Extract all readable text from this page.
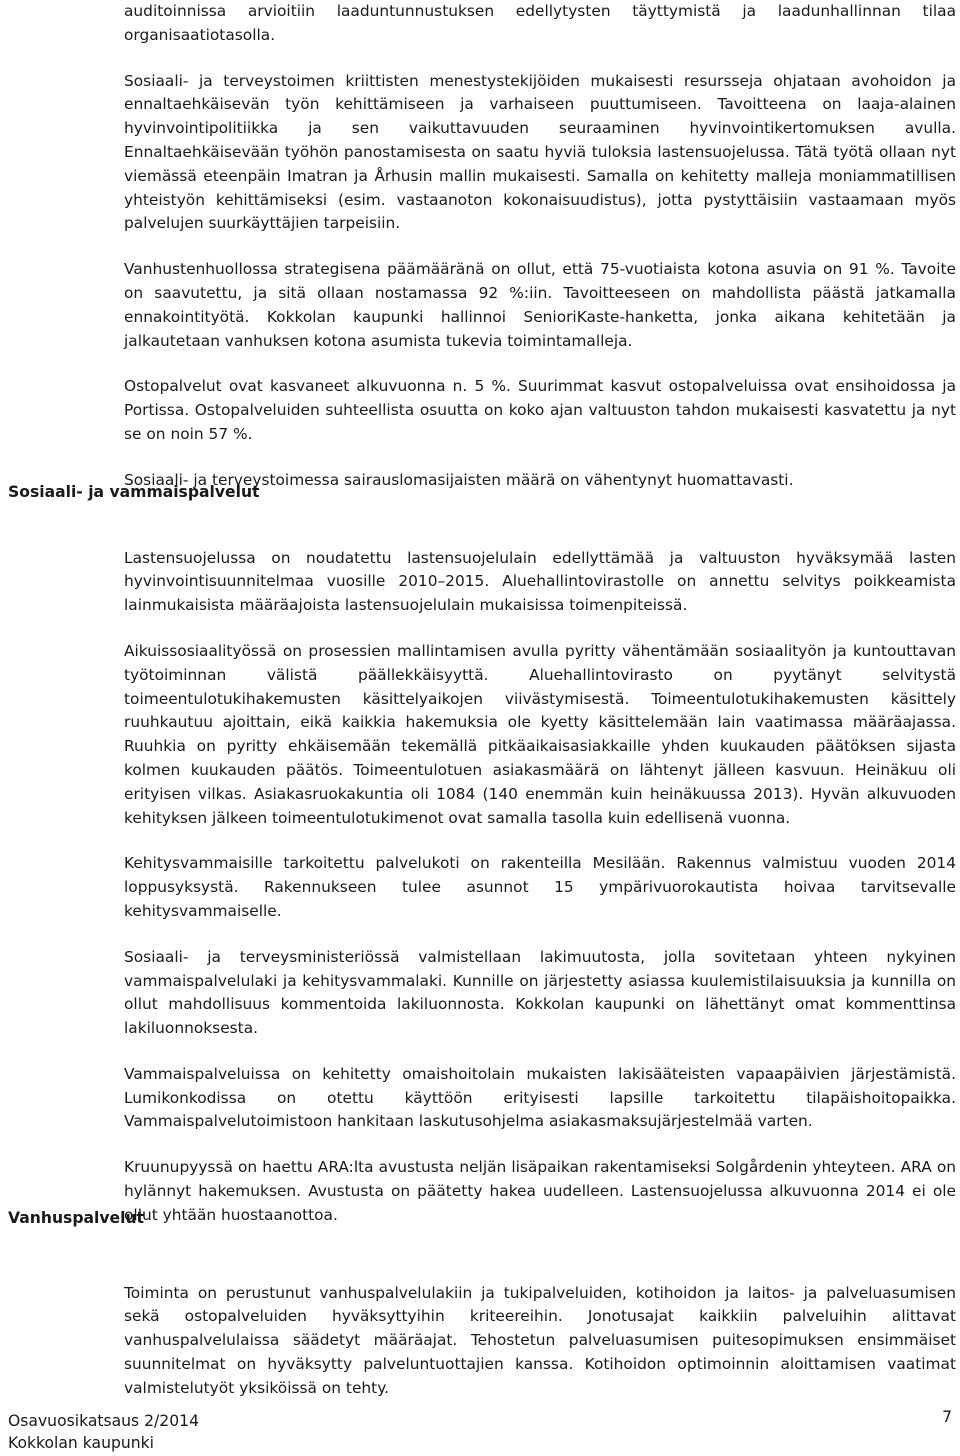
auditoinnissa arvioitiin laaduntunnustuksen edellytysten täyttymistä ja laadunhallinnan tilaa organisaatiotasolla.

Sosiaali- ja terveystoimen kriittisten menestystekijöiden mukaisesti resursseja ohjataan avohoidon ja ennaltaehkäisevän työn kehittämiseen ja varhaiseen puuttumiseen. Tavoitteena on laaja-alainen hyvinvointipolitiikka ja sen vaikuttavuuden seuraaminen hyvinvointikertomuksen avulla. Ennaltaehkäisevään työhön panostamisesta on saatu hyviä tuloksia lastensuojelussa. Tätä työtä ollaan nyt viemässä eteenpäin Imatran ja Århusin mallin mukaisesti. Samalla on kehitetty malleja moniammatillisen yhteistyön kehittämiseksi (esim. vastaanoton kokonaisuudistus), jotta pystyttäisiin vastaamaan myös palvelujen suurkäyttäjien tarpeisiin.

Vanhustenhuollossa strategisena päämääränä on ollut, että 75-vuotiaista kotona asuvia on 91 %. Tavoite on saavutettu, ja sitä ollaan nostamassa 92 %:iin. Tavoitteeseen on mahdollista päästä jatkamalla ennakointityötä. Kokkolan kaupunki hallinnoi SenioriKaste-hanketta, jonka aikana kehitetään ja jalkautetaan vanhuksen kotona asumista tukevia toimintamalleja.

Ostopalvelut ovat kasvaneet alkuvuonna n. 5 %. Suurimmat kasvut ostopalveluissa ovat ensihoidossa ja Portissa. Ostopalveluiden suhteellista osuutta on koko ajan valtuuston tahdon mukaisesti kasvatettu ja nyt se on noin 57 %.

Sosiaali- ja terveystoimessa sairauslomasijaisten määrä on vähentynyt huomattavasti.

Lastensuojelussa on noudatettu lastensuojelulain edellyttämää ja valtuuston hyväksymää lasten hyvinvointisuunnitelmaa vuosille 2010–2015. Aluehallintovirastolle on annettu selvitys poikkeamista lainmukaisista määräajoista lastensuojelulain mukaisissa toimenpiteissä.

Aikuissosiaalityössä on prosessien mallintamisen avulla pyritty vähentämään sosiaalityön ja kuntouttavan työtoiminnan välistä päällekkäisyyttä. Aluehallintovirasto on pyytänyt selvitystä toimeentulotukihakemusten käsittelyaikojen viivästymisestä. Toimeentulotukihakemusten käsittely ruuhkautuu ajoittain, eikä kaikkia hakemuksia ole kyetty käsittelemään lain vaatimassa määräajassa. Ruuhkia on pyritty ehkäisemään tekemällä pitkäaikaisasiakkaille yhden kuukauden päätöksen sijasta kolmen kuukauden päätös. Toimeentulotuen asiakasmäärä on lähtenyt jälleen kasvuun. Heinäkuu oli erityisen vilkas. Asiakasruokakuntia oli 1084 (140 enemmän kuin heinäkuussa 2013). Hyvän alkuvuoden kehityksen jälkeen toimeentulotukimenot ovat samalla tasolla kuin edellisenä vuonna.

Kehitysvammaisille tarkoitettu palvelukoti on rakenteilla Mesilään. Rakennus valmistuu vuoden 2014 loppusyksystä. Rakennukseen tulee asunnot 15 ympärivuorokautista hoivaa tarvitsevalle kehitysvammaiselle.

Sosiaali- ja terveysministeriössä valmistellaan lakimuutosta, jolla sovitetaan yhteen nykyinen vammaispalvelulaki ja kehitysvammalaki. Kunnille on järjestetty asiassa kuulemistilaisuuksia ja kunnilla on ollut mahdollisuus kommentoida lakiluonnosta. Kokkolan kaupunki on lähettänyt omat kommenttinsa lakiluonnoksesta.

Vammaispalveluissa on kehitetty omaishoitolain mukaisten lakisääteisten vapaapäivien järjestämistä. Lumikonkodissa on otettu käyttöön erityisesti lapsille tarkoitettu tilapäishoitopaikka. Vammaispalvelutoimistoon hankitaan laskutusohjelma asiakasmaksujärjestelmää varten.

Kruunupyyssä on haettu ARA:lta avustusta neljän lisäpaikan rakentamiseksi Solgårdenin yhteyteen. ARA on hylännyt hakemuksen. Avustusta on päätetty hakea uudelleen. Lastensuojelussa alkuvuonna 2014 ei ole ollut yhtään huostaanottoa.

Toiminta on perustunut vanhuspalvelulakiin ja tukipalveluiden, kotihoidon ja laitos- ja palveluasumisen sekä ostopalveluiden hyväksyttyihin kriteereihin. Jonotusajat kaikkiin palveluihin alittavat vanhuspalvelulaissa säädetyt määräajat. Tehostetun palveluasumisen puitesopimuksen ensimmäiset suunnitelmat on hyväksytty palveluntuottajien kanssa. Kotihoidon optimoinnin aloittamisen vaatimat valmistelutyöt yksiköissä on tehty.

Sosiaali- ja vammaispalvelut
Vanhuspalvelut
Osavuosikatsaus 2/2014
Kokkolan kaupunki
7
